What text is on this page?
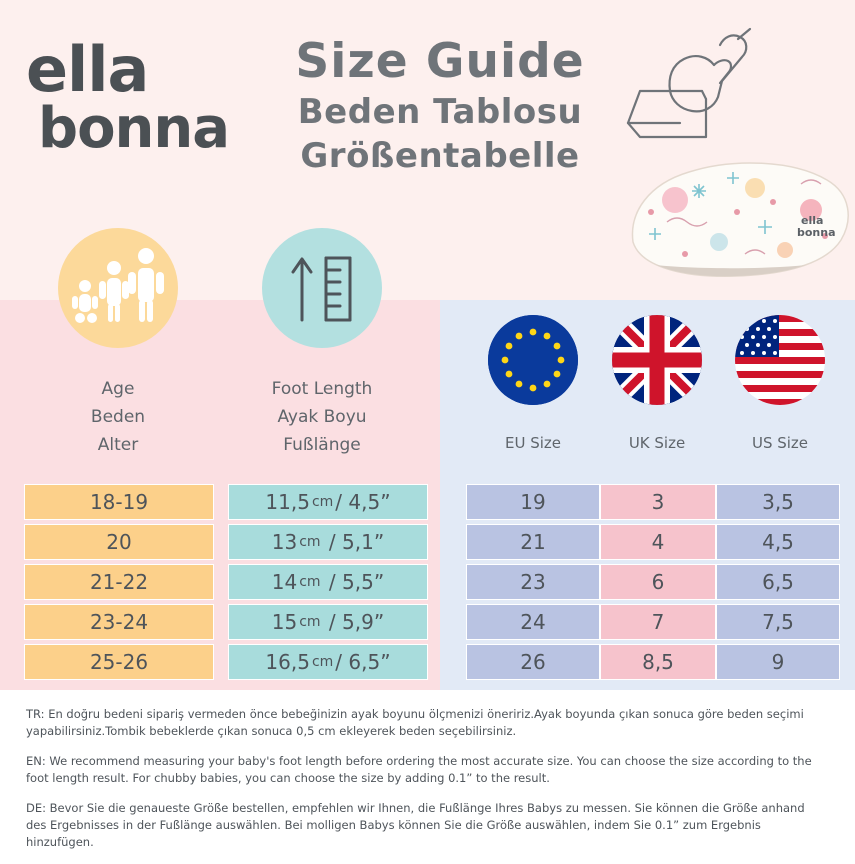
ella
bonna
Size Guide
Beden Tablosu
Größentabelle
ella
bonna
Age
Beden
Alter
Foot Length
Ayak Boyu
Fußlänge	EU Size	UK Size	US Size
18-19	11,5 cm / 4,5”	19	3	3,5
20	13 cm / 5,1”	21	4	4,5
21-22	14 cm / 5,5”	23	6	6,5
23-24	15 cm / 5,9”	24	7	7,5
25-26	16,5 cm / 6,5”	26	8,5	9
TR: En doğru bedeni sipariş vermeden önce bebeğinizin ayak boyunu ölçmenizi öneririz.Ayak boyunda çıkan sonuca göre beden seçimi yapabilirsiniz.Tombik bebeklerde çıkan sonuca 0,5 cm ekleyerek beden seçebilirsiniz.
EN: We recommend measuring your baby's foot length before ordering the most accurate size. You can choose the size according to the foot length result. For chubby babies, you can choose the size by adding 0.1” to the result.
DE: Bevor Sie die genaueste Größe bestellen, empfehlen wir Ihnen, die Fußlänge Ihres Babys zu messen. Sie können die Größe anhand des Ergebnisses in der Fußlänge auswählen. Bei molligen Babys können Sie die Größe auswählen, indem Sie 0.1” zum Ergebnis hinzufügen.
